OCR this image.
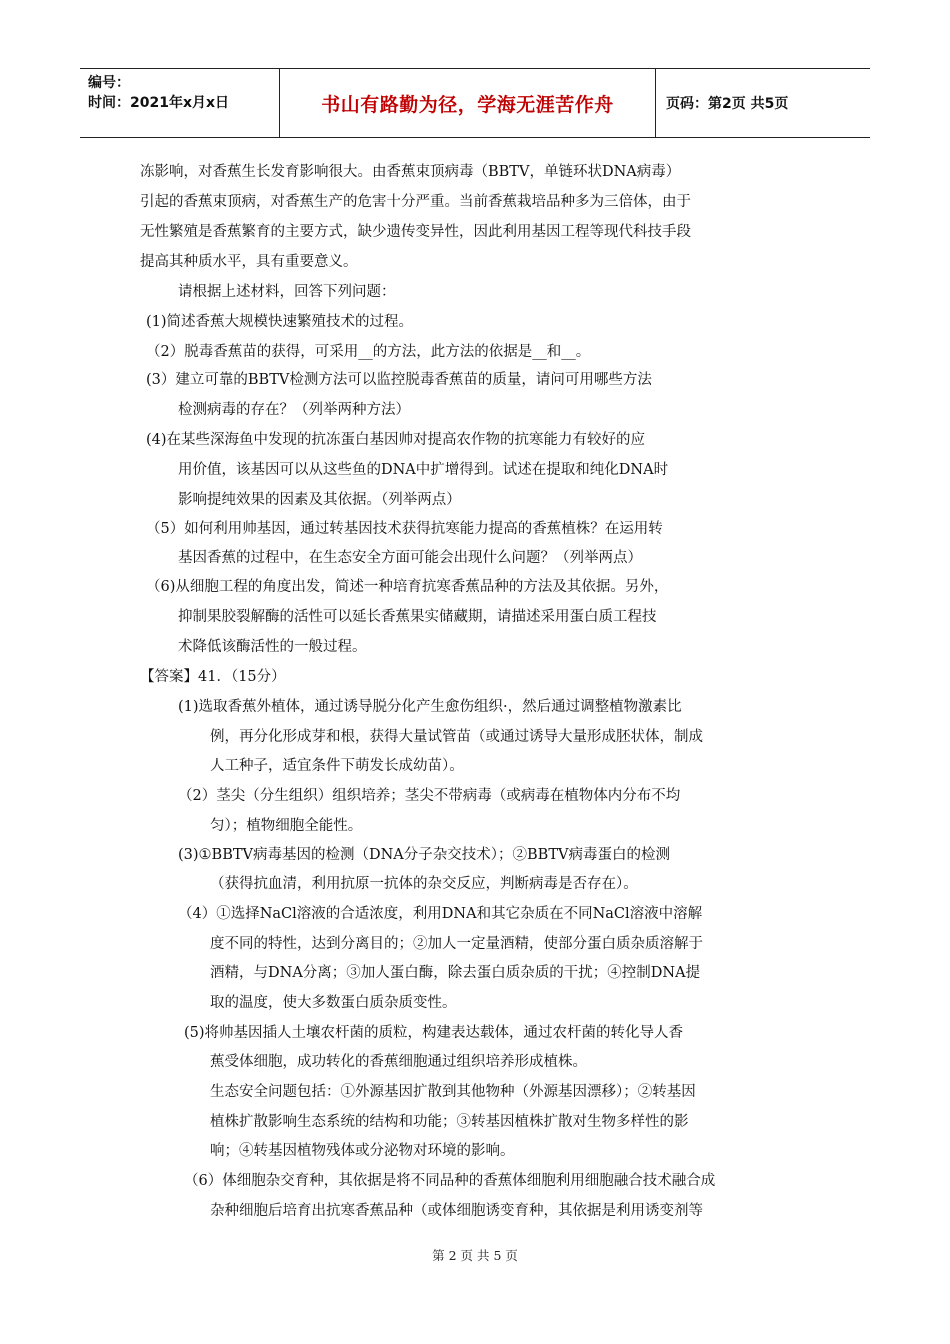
编号：
时间：2021年x月x日	书山有路勤为径，学海无涯苦作舟	页码：第2页 共5页
冻影响，对香蕉生长发育影响很大。由香蕉束顶病毒（BBTV，单链环状DNA病毒）
引起的香蕉束顶病，对香蕉生产的危害十分严重。当前香蕉栽培品种多为三倍体，由于
无性繁殖是香蕉繁育的主要方式，缺少遗传变异性，因此利用基因工程等现代科技手段
提高其种质水平，具有重要意义。
请根据上述材料，回答下列问题：
(1)简述香蕉大规模快速繁殖技术的过程。
（2）脱毒香蕉苗的获得，可采用__的方法，此方法的依据是__和__。
(3）建立可靠的BBTV检测方法可以监控脱毒香蕉苗的质量，请问可用哪些方法
检测病毒的存在？（列举两种方法）
(4)在某些深海鱼中发现的抗冻蛋白基因帅对提高农作物的抗寒能力有较好的应
用价值，该基因可以从这些鱼的DNA中扩增得到。试述在提取和纯化DNA时
影响提纯效果的因素及其依据。（列举两点）
（5）如何利用帅基因，通过转基因技术获得抗寒能力提高的香蕉植株？在运用转
基因香蕉的过程中，在生态安全方面可能会出现什么问题？（列举两点）
（6)从细胞工程的角度出发，简述一种培育抗寒香蕉品种的方法及其依据。另外，
抑制果胶裂解酶的活性可以延长香蕉果实储藏期，请描述采用蛋白质工程技
术降低该酶活性的一般过程。
【答案】41．（15分）
(1)选取香蕉外植体，通过诱导脱分化产生愈伤组织·，然后通过调整植物激素比
例，再分化形成芽和根，获得大量试管苗（或通过诱导大量形成胚状体，制成
人工种子，适宜条件下萌发长成幼苗）。
（2）茎尖（分生组织）组织培养；茎尖不带病毒（或病毒在植物体内分布不均
匀）；植物细胞全能性。
(3)①BBTV病毒基因的检测（DNA分子杂交技术）；②BBTV病毒蛋白的检测
（获得抗血清，利用抗原一抗体的杂交反应，判断病毒是否存在）。
（4）①选择NaCl溶液的合适浓度，利用DNA和其它杂质在不同NaCl溶液中溶解
度不同的特性，达到分离目的；②加人一定量酒精，使部分蛋白质杂质溶解于
酒精，与DNA分离；③加人蛋白酶，除去蛋白质杂质的干扰；④控制DNA提
取的温度，使大多数蛋白质杂质变性。
(5)将帅基因插人土壤农杆菌的质粒，构建表达载体，通过农杆菌的转化导人香
蕉受体细胞，成功转化的香蕉细胞通过组织培养形成植株。
生态安全问题包括：①外源基因扩散到其他物种（外源基因漂移）；②转基因
植株扩散影响生态系统的结构和功能；③转基因植株扩散对生物多样性的影
响；④转基因植物残体或分泌物对环境的影响。
（6）体细胞杂交育种，其依据是将不同品种的香蕉体细胞利用细胞融合技术融合成
杂种细胞后培育出抗寒香蕉品种（或体细胞诱变育种，其依据是利用诱变剂等
第 2 页 共 5 页
